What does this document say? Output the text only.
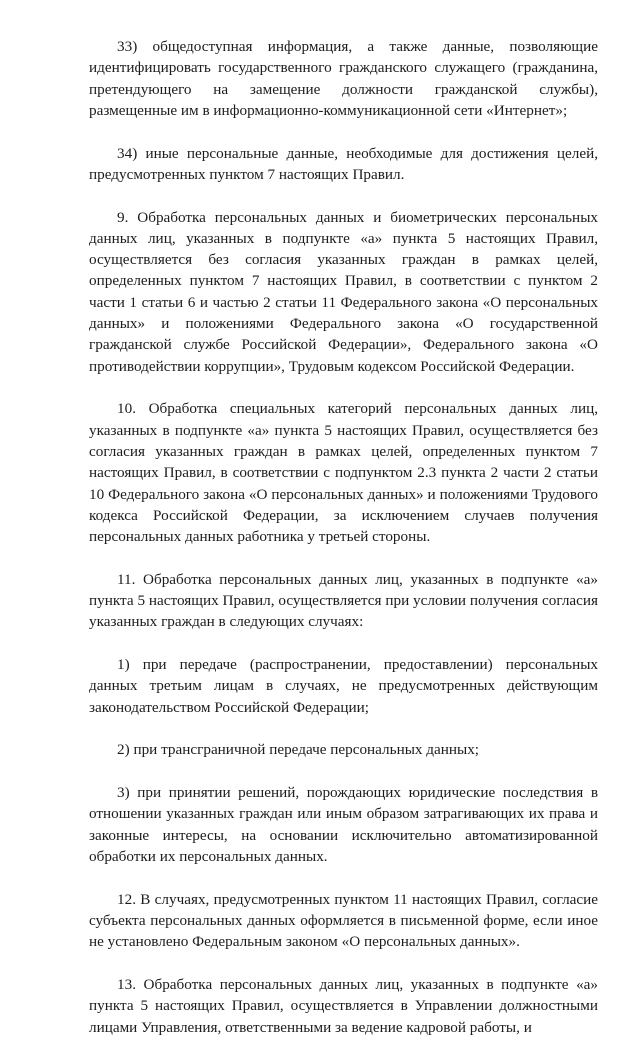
33) общедоступная информация, а также данные, позволяющие идентифицировать государственного гражданского служащего (гражданина, претендующего на замещение должности гражданской службы), размещенные им в информационно-коммуникационной сети «Интернет»;

34) иные персональные данные, необходимые для достижения целей, предусмотренных пунктом 7 настоящих Правил.

9. Обработка персональных данных и биометрических персональных данных лиц, указанных в подпункте «а» пункта 5 настоящих Правил, осуществляется без согласия указанных граждан в рамках целей, определенных пунктом 7 настоящих Правил, в соответствии с пунктом 2 части 1 статьи 6 и частью 2 статьи 11 Федерального закона «О персональных данных» и положениями Федерального закона «О государственной гражданской службе Российской Федерации», Федерального закона «О противодействии коррупции», Трудовым кодексом Российской Федерации.

10. Обработка специальных категорий персональных данных лиц, указанных в подпункте «а» пункта 5 настоящих Правил, осуществляется без согласия указанных граждан в рамках целей, определенных пунктом 7 настоящих Правил, в соответствии с подпунктом 2.3 пункта 2 части 2 статьи 10 Федерального закона «О персональных данных» и положениями Трудового кодекса Российской Федерации, за исключением случаев получения персональных данных работника у третьей стороны.

11. Обработка персональных данных лиц, указанных в подпункте «а» пункта 5 настоящих Правил, осуществляется при условии получения согласия указанных граждан в следующих случаях:

1) при передаче (распространении, предоставлении) персональных данных третьим лицам в случаях, не предусмотренных действующим законодательством Российской Федерации;

2) при трансграничной передаче персональных данных;

3) при принятии решений, порождающих юридические последствия в отношении указанных граждан или иным образом затрагивающих их права и законные интересы, на основании исключительно автоматизированной обработки их персональных данных.

12. В случаях, предусмотренных пунктом 11 настоящих Правил, согласие субъекта персональных данных оформляется в письменной форме, если иное не установлено Федеральным законом «О персональных данных».

13. Обработка персональных данных лиц, указанных в подпункте «а» пункта 5 настоящих Правил, осуществляется в Управлении должностными лицами Управления, ответственными за ведение кадровой работы, и
